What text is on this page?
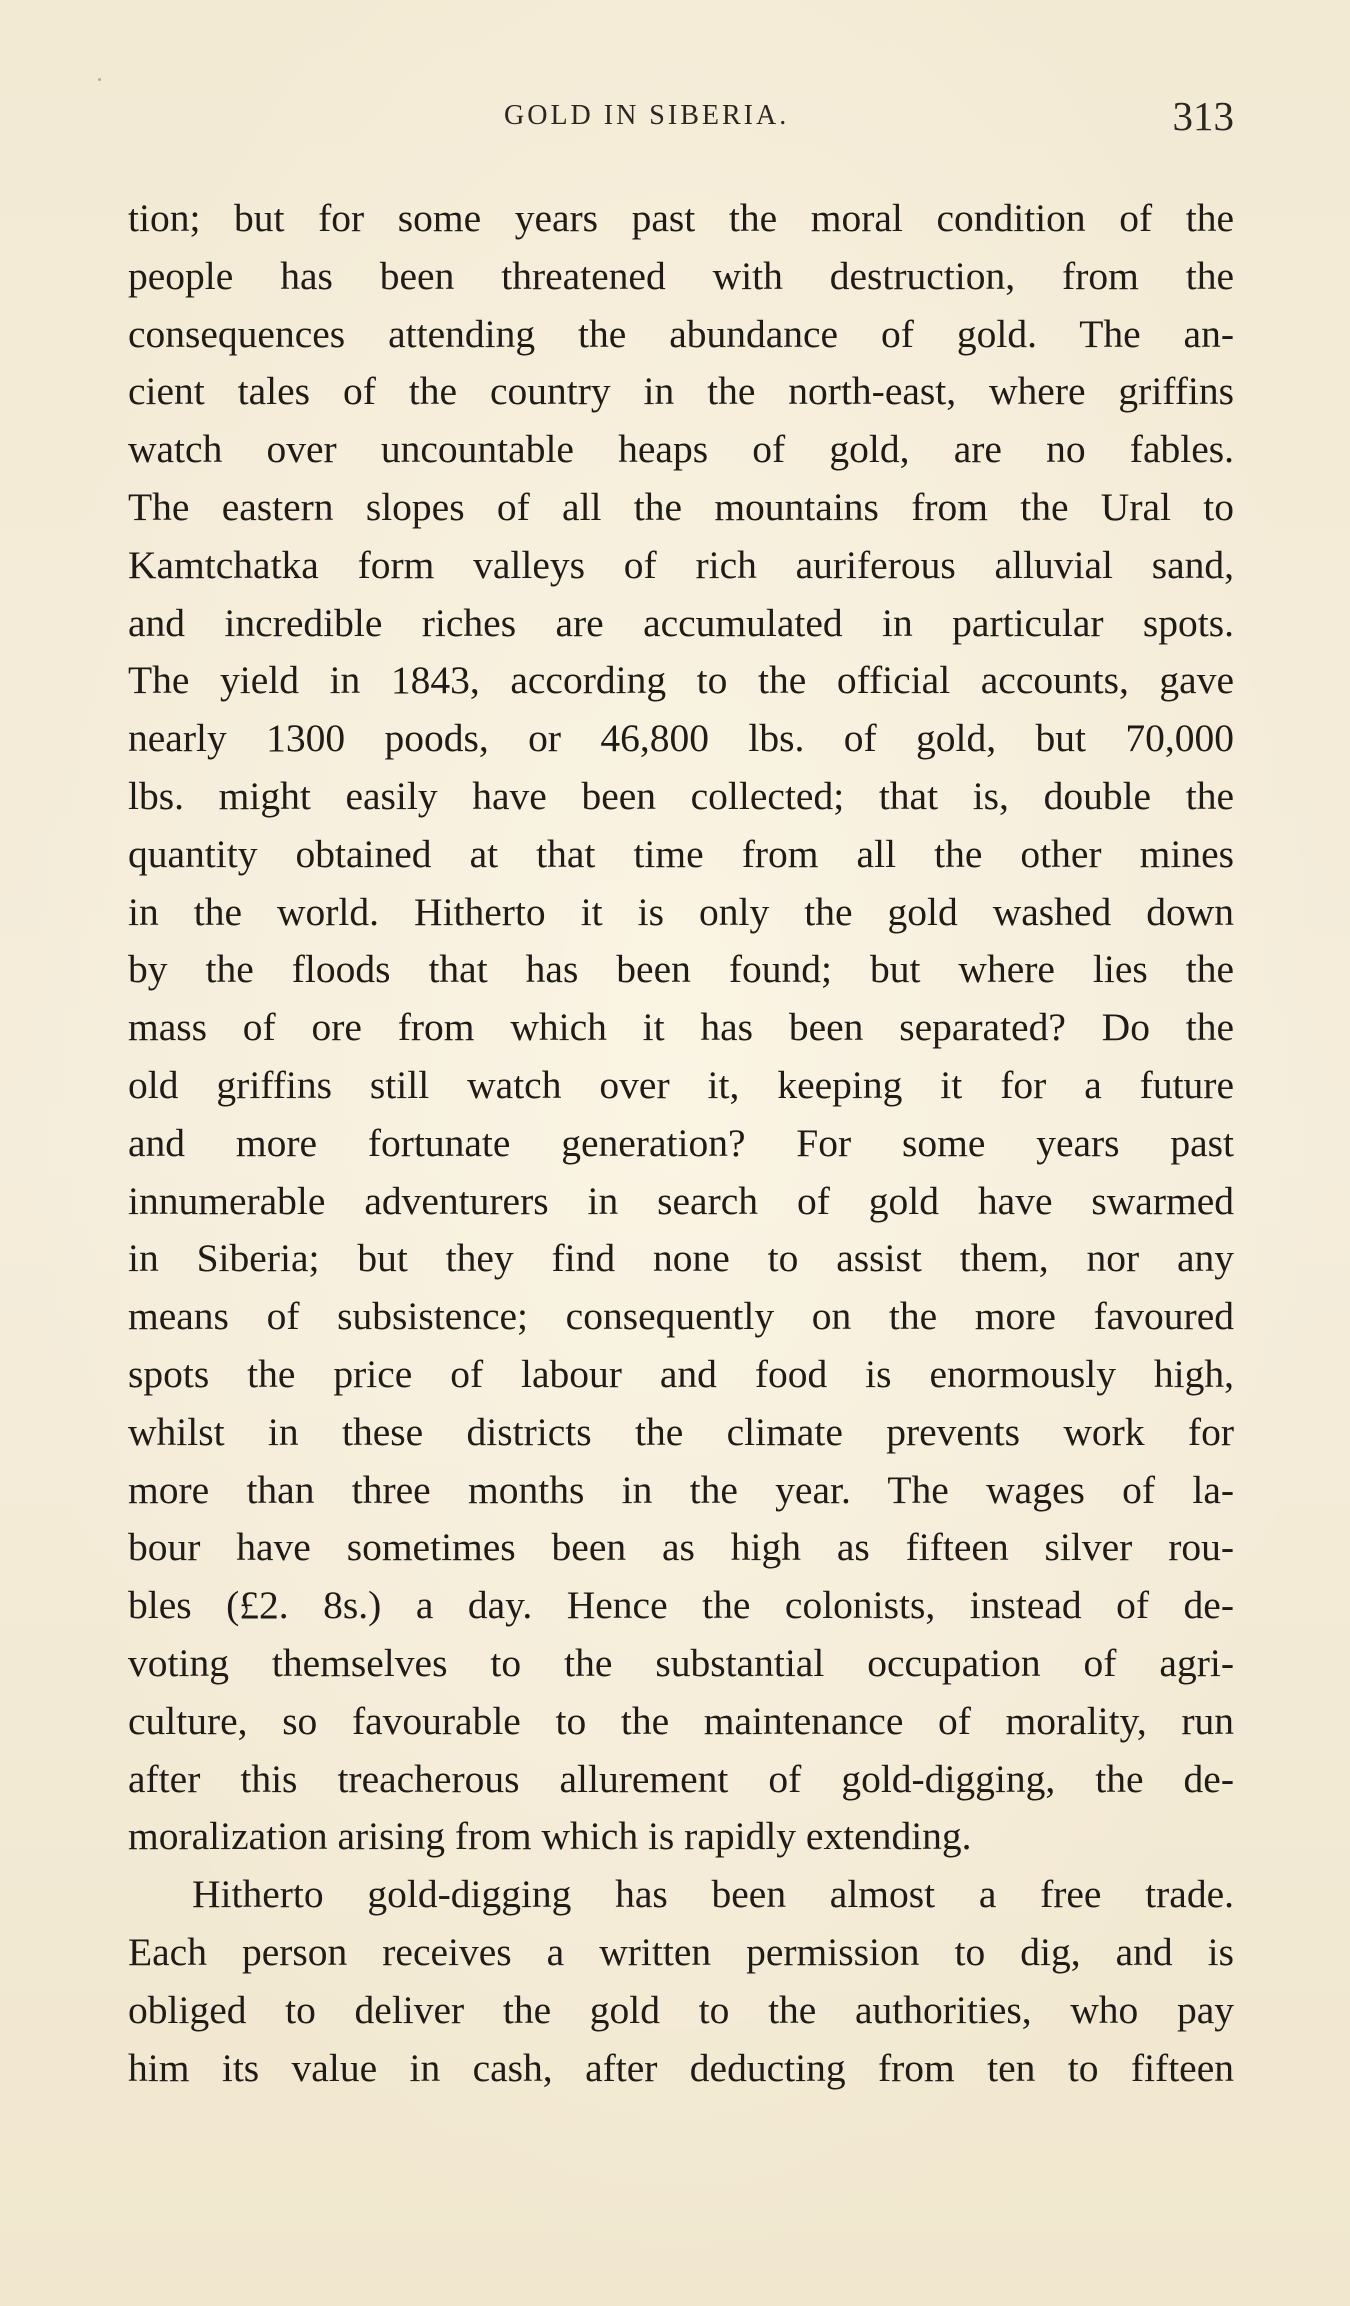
GOLD IN SIBERIA.	313
tion; but for some years past the moral condition of the
people has been threatened with destruction, from the
consequences attending the abundance of gold. The an-
cient tales of the country in the north-east, where griffins
watch over uncountable heaps of gold, are no fables.
The eastern slopes of all the mountains from the Ural to
Kamtchatka form valleys of rich auriferous alluvial sand,
and incredible riches are accumulated in particular spots.
The yield in 1843, according to the official accounts, gave
nearly 1300 poods, or 46,800 lbs. of gold, but 70,000
lbs. might easily have been collected; that is, double the
quantity obtained at that time from all the other mines
in the world. Hitherto it is only the gold washed down
by the floods that has been found; but where lies the
mass of ore from which it has been separated? Do the
old griffins still watch over it, keeping it for a future
and more fortunate generation? For some years past
innumerable adventurers in search of gold have swarmed
in Siberia; but they find none to assist them, nor any
means of subsistence; consequently on the more favoured
spots the price of labour and food is enormously high,
whilst in these districts the climate prevents work for
more than three months in the year. The wages of la-
bour have sometimes been as high as fifteen silver rou-
bles (£2. 8s.) a day. Hence the colonists, instead of de-
voting themselves to the substantial occupation of agri-
culture, so favourable to the maintenance of morality, run
after this treacherous allurement of gold-digging, the de-
moralization arising from which is rapidly extending.
Hitherto gold-digging has been almost a free trade.
Each person receives a written permission to dig, and is
obliged to deliver the gold to the authorities, who pay
him its value in cash, after deducting from ten to fifteen
